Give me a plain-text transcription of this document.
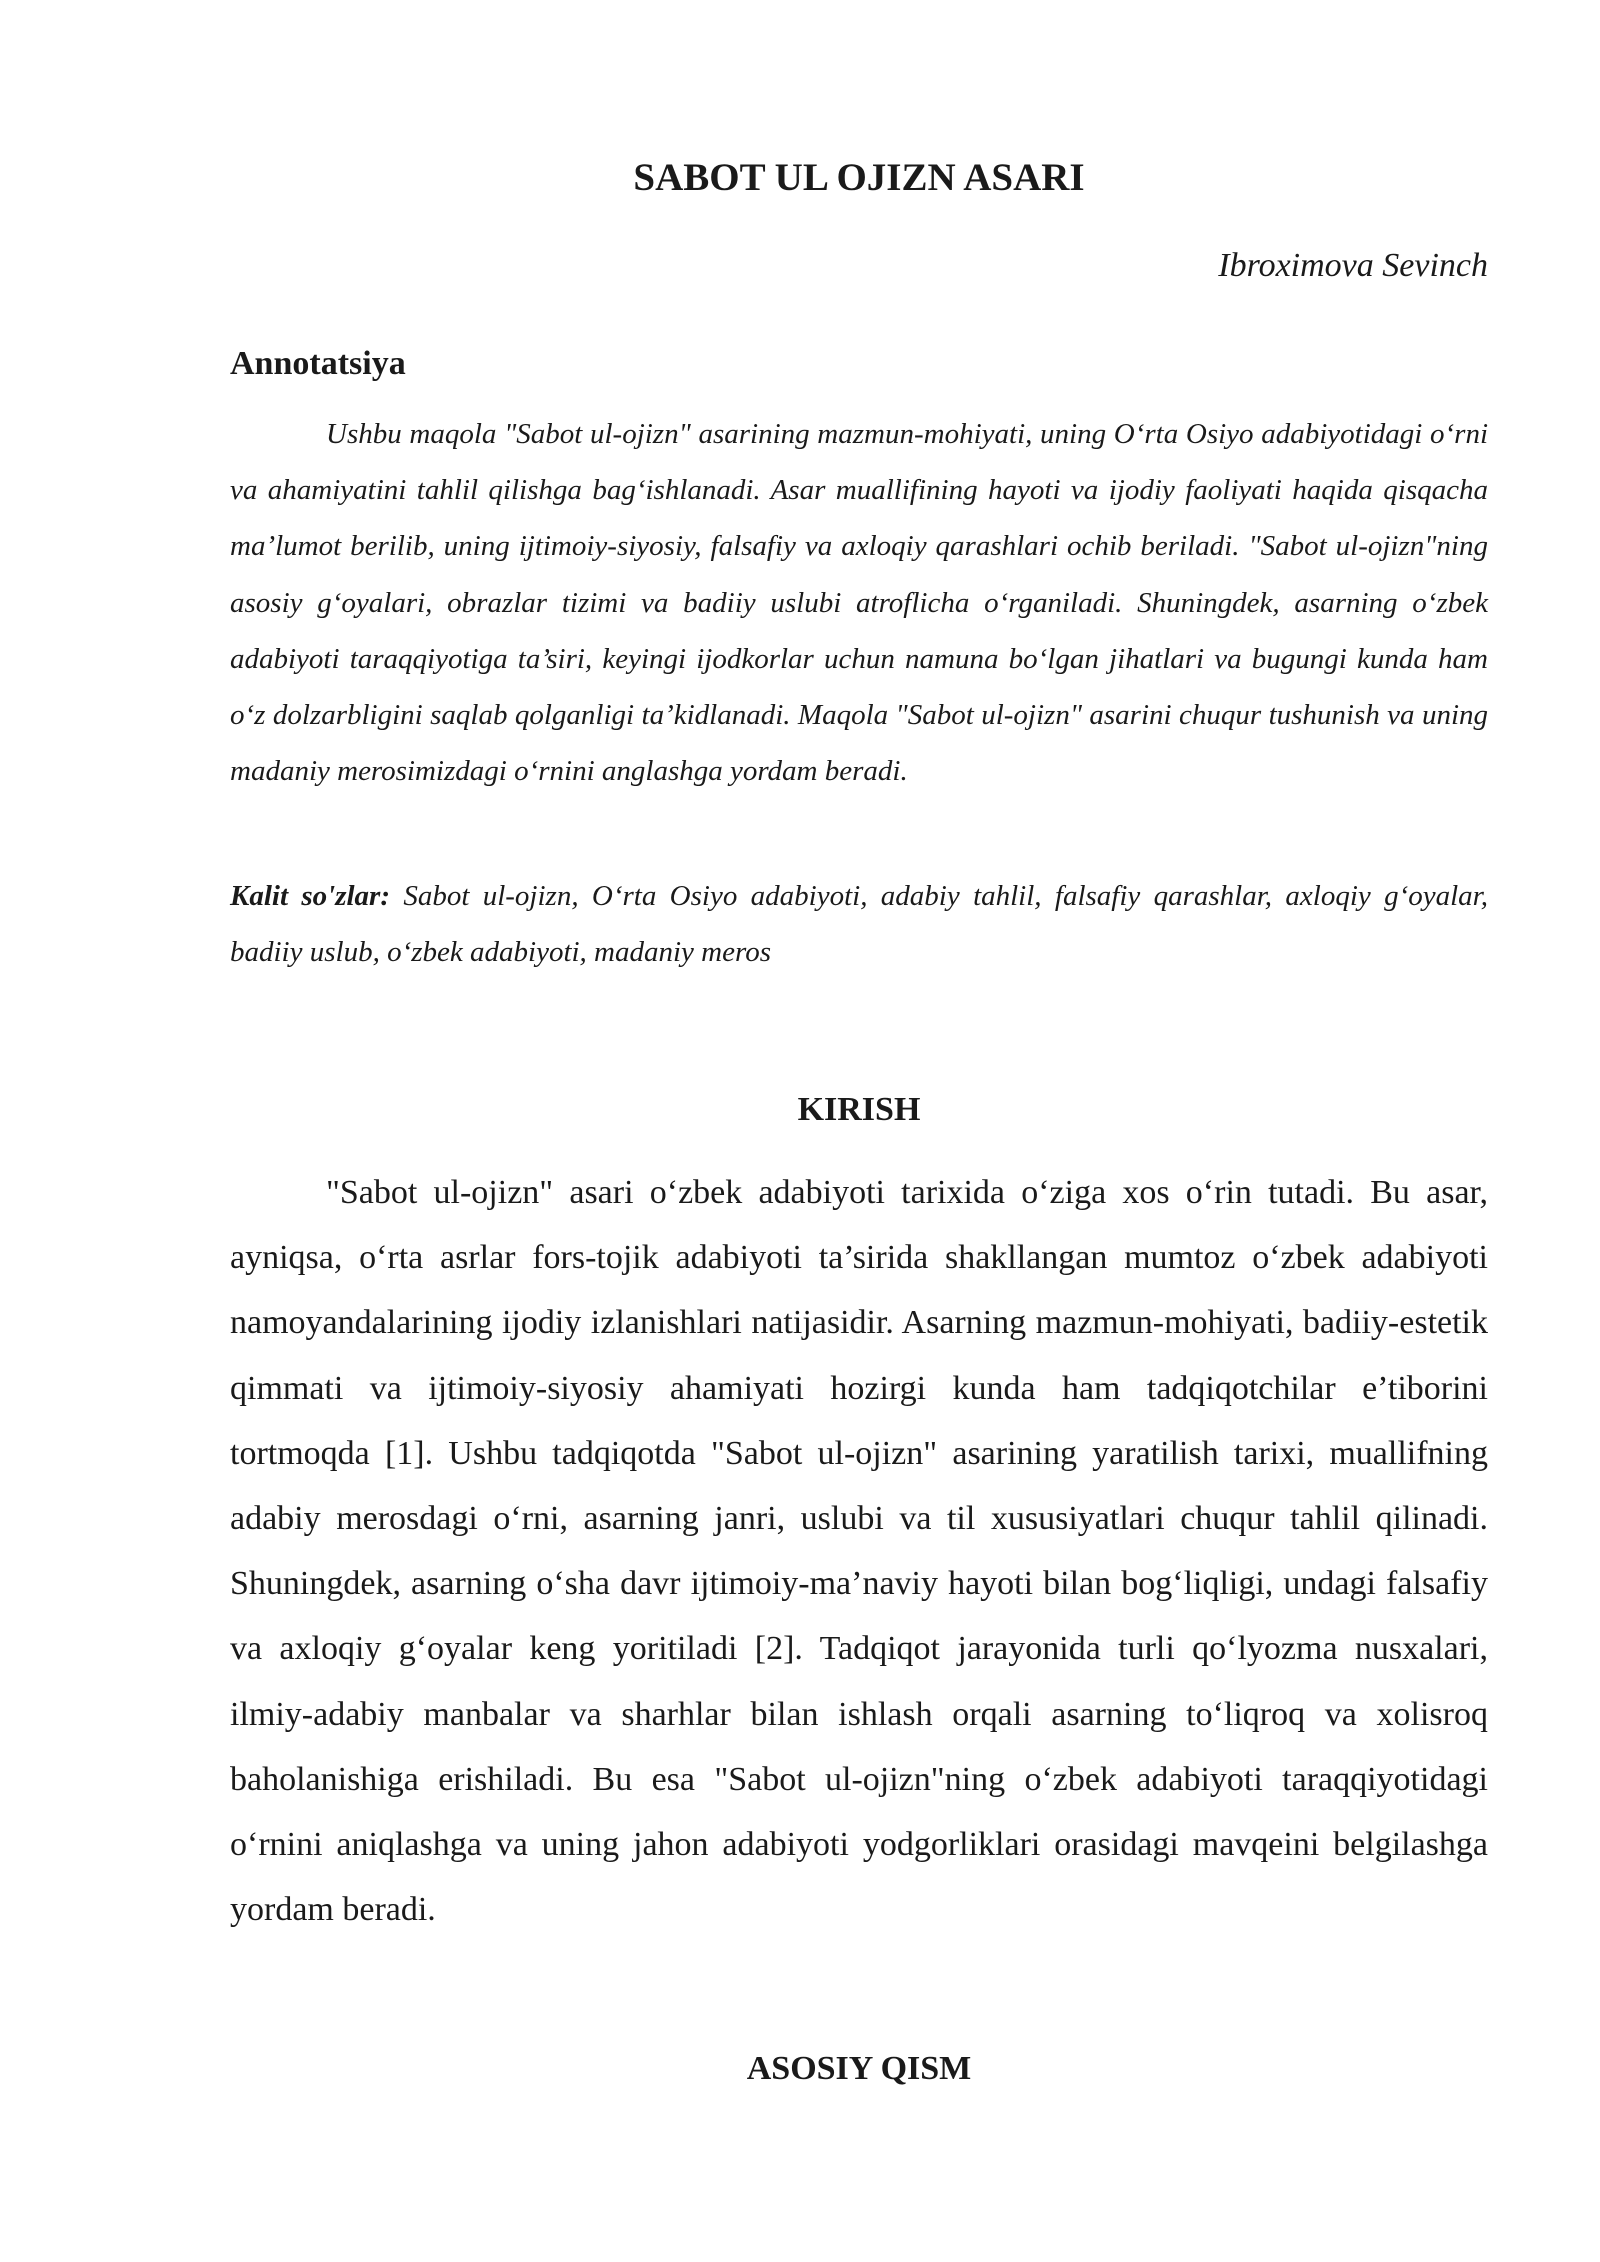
SABOT UL OJIZN ASARI
Ibroximova Sevinch
Annotatsiya

Ushbu maqola "Sabot ul-ojizn" asarining mazmun-mohiyati, uning O‘rta Osiyo adabiyotidagi o‘rni va ahamiyatini tahlil qilishga bag‘ishlanadi. Asar muallifining hayoti va ijodiy faoliyati haqida qisqacha ma’lumot berilib, uning ijtimoiy-siyosiy, falsafiy va axloqiy qarashlari ochib beriladi. "Sabot ul-ojizn"ning asosiy g‘oyalari, obrazlar tizimi va badiiy uslubi atroflicha o‘rganiladi. Shuningdek, asarning o‘zbek adabiyoti taraqqiyotiga ta’siri, keyingi ijodkorlar uchun namuna bo‘lgan jihatlari va bugungi kunda ham o‘z dolzarbligini saqlab qolganligi ta’kidlanadi. Maqola "Sabot ul-ojizn" asarini chuqur tushunish va uning madaniy merosimizdagi o‘rnini anglashga yordam beradi.

Kalit so'zlar: Sabot ul-ojizn, O‘rta Osiyo adabiyoti, adabiy tahlil, falsafiy qarashlar, axloqiy g‘oyalar, badiiy uslub, o‘zbek adabiyoti, madaniy meros

KIRISH

"Sabot ul-ojizn" asari o‘zbek adabiyoti tarixida o‘ziga xos o‘rin tutadi. Bu asar, ayniqsa, o‘rta asrlar fors-tojik adabiyoti ta’sirida shakllangan mumtoz o‘zbek adabiyoti namoyandalarining ijodiy izlanishlari natijasidir. Asarning mazmun-mohiyati, badiiy-estetik qimmati va ijtimoiy-siyosiy ahamiyati hozirgi kunda ham tadqiqotchilar e’tiborini tortmoqda [1]. Ushbu tadqiqotda "Sabot ul-ojizn" asarining yaratilish tarixi, muallifning adabiy merosdagi o‘rni, asarning janri, uslubi va til xususiyatlari chuqur tahlil qilinadi. Shuningdek, asarning o‘sha davr ijtimoiy-ma’naviy hayoti bilan bog‘liqligi, undagi falsafiy va axloqiy g‘oyalar keng yoritiladi [2]. Tadqiqot jarayonida turli qo‘lyozma nusxalari, ilmiy-adabiy manbalar va sharhlar bilan ishlash orqali asarning to‘liqroq va xolisroq baholanishiga erishiladi. Bu esa "Sabot ul-ojizn"ning o‘zbek adabiyoti taraqqiyotidagi o‘rnini aniqlashga va uning jahon adabiyoti yodgorliklari orasidagi mavqeini belgilashga yordam beradi.

ASOSIY QISM
